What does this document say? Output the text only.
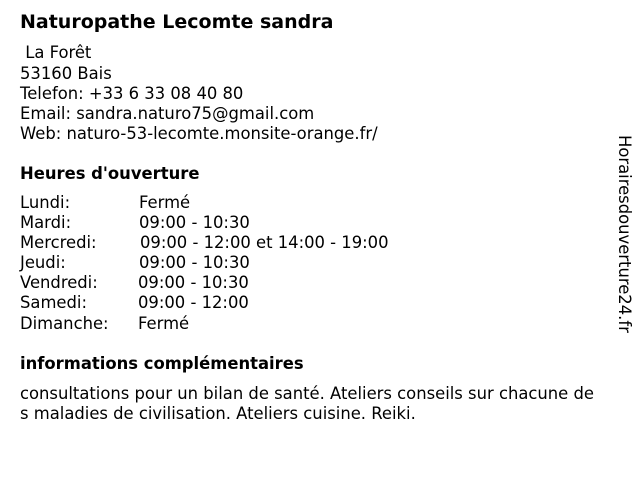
Naturopathe Lecomte sandra
La Forêt
53160 Bais
Telefon: +33 6 33 08 40 80
Email: sandra.naturo75@gmail.com
Web: naturo-53-lecomte.monsite-orange.fr/
Heures d'ouverture

Lundi:

	Fermé

Mardi:

	09:00 - 10:30

Mercredi:

	09:00 - 12:00 et 14:00 - 19:00

Jeudi:

	09:00 - 10:30

Vendredi:

09:00 - 10:30

Samedi:

	09:00 - 12:00

Dimanche:

Fermé

informations complémentaires
consultations pour un bilan de santé. Ateliers conseils sur chacune de
s maladies de civilisation. Ateliers cuisine. Reiki.
Horairesdouverture24.fr
